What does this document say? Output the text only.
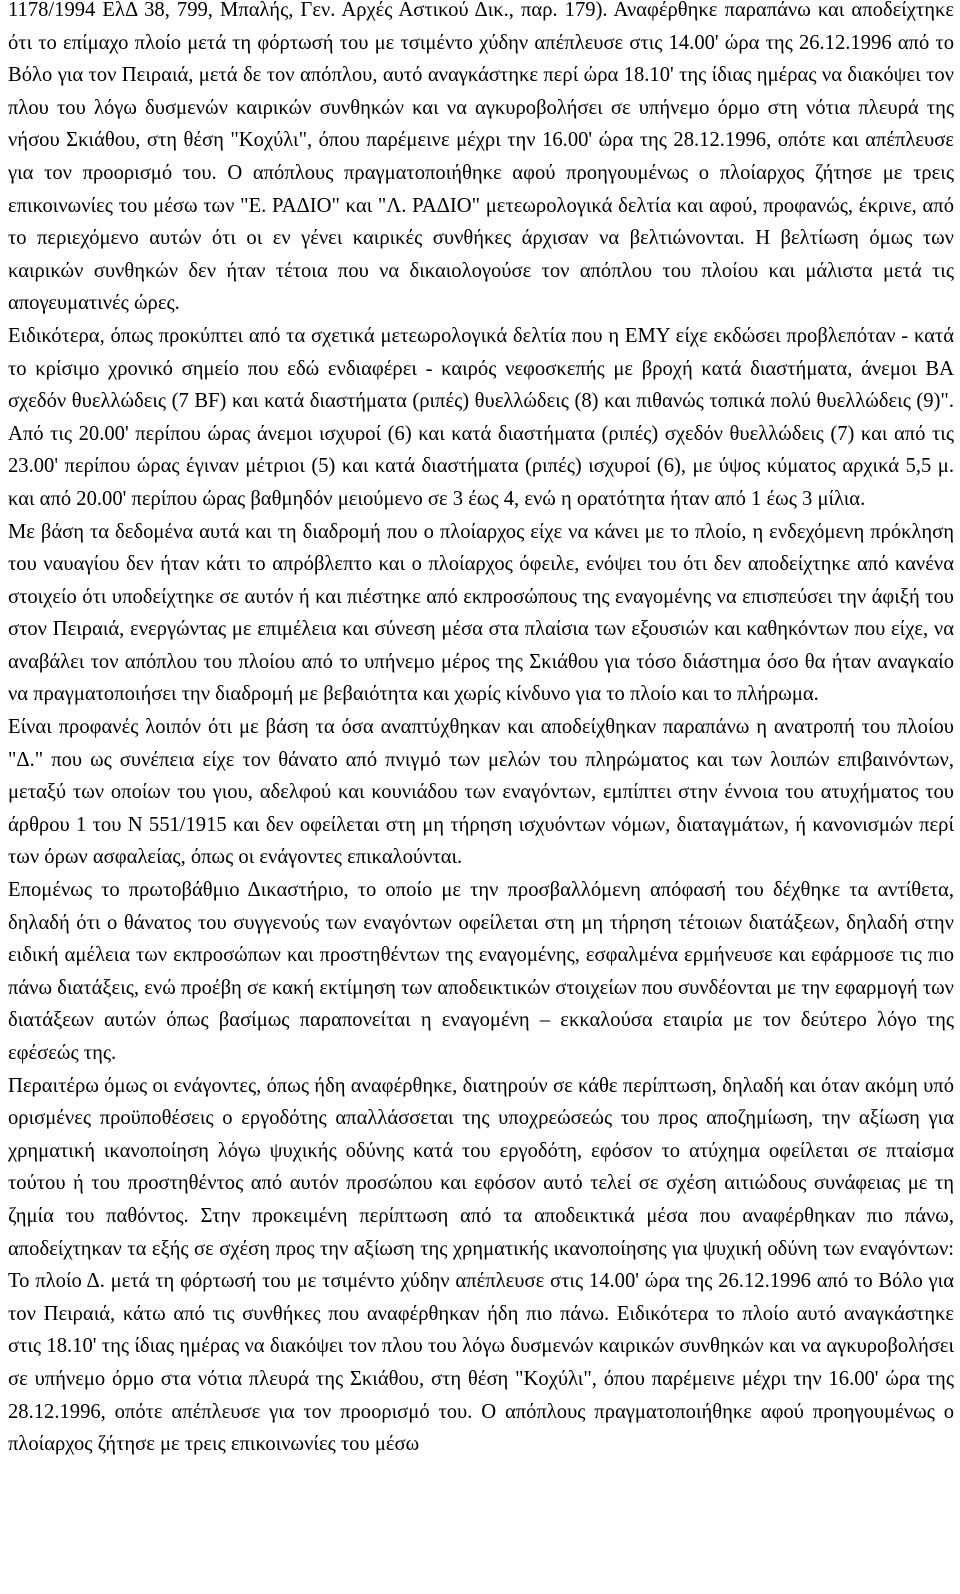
1178/1994 ΕλΔ 38, 799, Μπαλής, Γεν. Αρχές Αστικού Δικ., παρ. 179). Αναφέρθηκε παραπάνω και αποδείχτηκε ότι το επίμαχο πλοίο μετά τη φόρτωσή του με τσιμέντο χύδην απέπλευσε στις 14.00' ώρα της 26.12.1996 από το Βόλο για τον Πειραιά, μετά δε τον απόπλου, αυτό αναγκάστηκε περί ώρα 18.10' της ίδιας ημέρας να διακόψει τον πλου του λόγω δυσμενών καιρικών συνθηκών και να αγκυροβολήσει σε υπήνεμο όρμο στη νότια πλευρά της νήσου Σκιάθου, στη θέση "Κοχύλι", όπου παρέμεινε μέχρι την 16.00' ώρα της 28.12.1996, οπότε και απέπλευσε για τον προορισμό του. Ο απόπλους πραγματοποιήθηκε αφού προηγουμένως ο πλοίαρχος ζήτησε με τρεις επικοινωνίες του μέσω των "Ε. ΡΑΔΙΟ" και "Λ. ΡΑΔΙΟ" μετεωρολογικά δελτία και αφού, προφανώς, έκρινε, από το περιεχόμενο αυτών ότι οι εν γένει καιρικές συνθήκες άρχισαν να βελτιώνονται. Η βελτίωση όμως των καιρικών συνθηκών δεν ήταν τέτοια που να δικαιολογούσε τον απόπλου του πλοίου και μάλιστα μετά τις απογευματινές ώρες.

Ειδικότερα, όπως προκύπτει από τα σχετικά μετεωρολογικά δελτία που η ΕΜΥ είχε εκδώσει προβλεπόταν - κατά το κρίσιμο χρονικό σημείο που εδώ ενδιαφέρει - καιρός νεφοσκεπής με βροχή κατά διαστήματα, άνεμοι ΒΑ σχεδόν θυελλώδεις (7 BF) και κατά διαστήματα (ριπές) θυελλώδεις (8) και πιθανώς τοπικά πολύ θυελλώδεις (9)". Από τις 20.00' περίπου ώρας άνεμοι ισχυροί (6) και κατά διαστήματα (ριπές) σχεδόν θυελλώδεις (7) και από τις 23.00' περίπου ώρας έγιναν μέτριοι (5) και κατά διαστήματα (ριπές) ισχυροί (6), με ύψος κύματος αρχικά 5,5 μ. και από 20.00' περίπου ώρας βαθμηδόν μειούμενο σε 3 έως 4, ενώ η ορατότητα ήταν από 1 έως 3 μίλια.

Με βάση τα δεδομένα αυτά και τη διαδρομή που ο πλοίαρχος είχε να κάνει με το πλοίο, η ενδεχόμενη πρόκληση του ναυαγίου δεν ήταν κάτι το απρόβλεπτο και ο πλοίαρχος όφειλε, ενόψει του ότι δεν αποδείχτηκε από κανένα στοιχείο ότι υποδείχτηκε σε αυτόν ή και πιέστηκε από εκπροσώπους της εναγομένης να επισπεύσει την άφιξή του στον Πειραιά, ενεργώντας με επιμέλεια και σύνεση μέσα στα πλαίσια των εξουσιών και καθηκόντων που είχε, να αναβάλει τον απόπλου του πλοίου από το υπήνεμο μέρος της Σκιάθου για τόσο διάστημα όσο θα ήταν αναγκαίο να πραγματοποιήσει την διαδρομή με βεβαιότητα και χωρίς κίνδυνο για το πλοίο και το πλήρωμα.

Είναι προφανές λοιπόν ότι με βάση τα όσα αναπτύχθηκαν και αποδείχθηκαν παραπάνω η ανατροπή του πλοίου "Δ." που ως συνέπεια είχε τον θάνατο από πνιγμό των μελών του πληρώματος και των λοιπών επιβαινόντων, μεταξύ των οποίων του γιου, αδελφού και κουνιάδου των εναγόντων, εμπίπτει στην έννοια του ατυχήματος του άρθρου 1 του Ν 551/1915 και δεν οφείλεται στη μη τήρηση ισχυόντων νόμων, διαταγμάτων, ή κανονισμών περί των όρων ασφαλείας, όπως οι ενάγοντες επικαλούνται.

Επομένως το πρωτοβάθμιο Δικαστήριο, το οποίο με την προσβαλλόμενη απόφασή του δέχθηκε τα αντίθετα, δηλαδή ότι ο θάνατος του συγγενούς των εναγόντων οφείλεται στη μη τήρηση τέτοιων διατάξεων, δηλαδή στην ειδική αμέλεια των εκπροσώπων και προστηθέντων της εναγομένης, εσφαλμένα ερμήνευσε και εφάρμοσε τις πιο πάνω διατάξεις, ενώ προέβη σε κακή εκτίμηση των αποδεικτικών στοιχείων που συνδέονται με την εφαρμογή των διατάξεων αυτών όπως βασίμως παραπονείται η εναγομένη – εκκαλούσα εταιρία με τον δεύτερο λόγο της εφέσεώς της.

Περαιτέρω όμως οι ενάγοντες, όπως ήδη αναφέρθηκε, διατηρούν σε κάθε περίπτωση, δηλαδή και όταν ακόμη υπό ορισμένες προϋποθέσεις ο εργοδότης απαλλάσσεται της υποχρεώσεώς του προς αποζημίωση, την αξίωση για χρηματική ικανοποίηση λόγω ψυχικής οδύνης κατά του εργοδότη, εφόσον το ατύχημα οφείλεται σε πταίσμα τούτου ή του προστηθέντος από αυτόν προσώπου και εφόσον αυτό τελεί σε σχέση αιτιώδους συνάφειας με τη ζημία του παθόντος. Στην προκειμένη περίπτωση από τα αποδεικτικά μέσα που αναφέρθηκαν πιο πάνω, αποδείχτηκαν τα εξής σε σχέση προς την αξίωση της χρηματικής ικανοποίησης για ψυχική οδύνη των εναγόντων: Το πλοίο Δ. μετά τη φόρτωσή του με τσιμέντο χύδην απέπλευσε στις 14.00' ώρα της 26.12.1996 από το Βόλο για τον Πειραιά, κάτω από τις συνθήκες που αναφέρθηκαν ήδη πιο πάνω. Ειδικότερα το πλοίο αυτό αναγκάστηκε στις 18.10' της ίδιας ημέρας να διακόψει τον πλου του λόγω δυσμενών καιρικών συνθηκών και να αγκυροβολήσει σε υπήνεμο όρμο στα νότια πλευρά της Σκιάθου, στη θέση "Κοχύλι", όπου παρέμεινε μέχρι την 16.00' ώρα της 28.12.1996, οπότε απέπλευσε για τον προορισμό του. Ο απόπλους πραγματοποιήθηκε αφού προηγουμένως ο πλοίαρχος ζήτησε με τρεις επικοινωνίες του μέσω
